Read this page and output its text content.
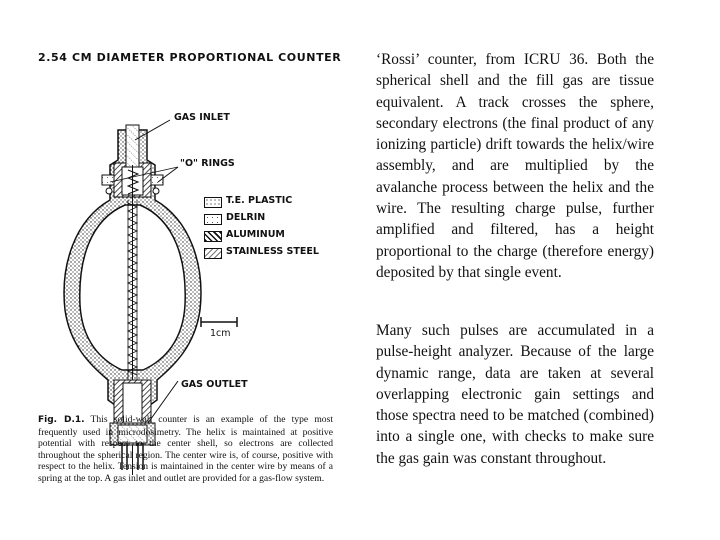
2.54 CM DIAMETER PROPORTIONAL COUNTER
GAS INLET
"O" RINGS
GAS OUTLET
1cm
T.E. PLASTIC
DELRIN
ALUMINUM
STAINLESS STEEL
Fig. D.1. This solid-wall counter is an example of the type most frequently used in microdosimetry. The helix is maintained at positive potential with respect to the center shell, so electrons are collected throughout the spherical region. The center wire is, of course, positive with respect to the helix. Tension is maintained in the center wire by means of a spring at the top. A gas inlet and outlet are provided for a gas-flow system.

‘Rossi’ counter, from ICRU 36. Both the spherical shell and the fill gas are tissue equivalent. A track crosses the sphere, secondary electrons (the final product of any ionizing particle) drift towards the helix/wire assembly, and are multiplied by the avalanche process between the helix and the wire. The resulting charge pulse, further amplified and filtered, has a height proportional to the charge (therefore energy) deposited by that single event.

Many such pulses are accumulated in a pulse-height analyzer. Because of the large dynamic range, data are taken at several overlapping electronic gain settings and those spectra need to be matched (combined) into a single one, with checks to make sure the gas gain was constant throughout.
